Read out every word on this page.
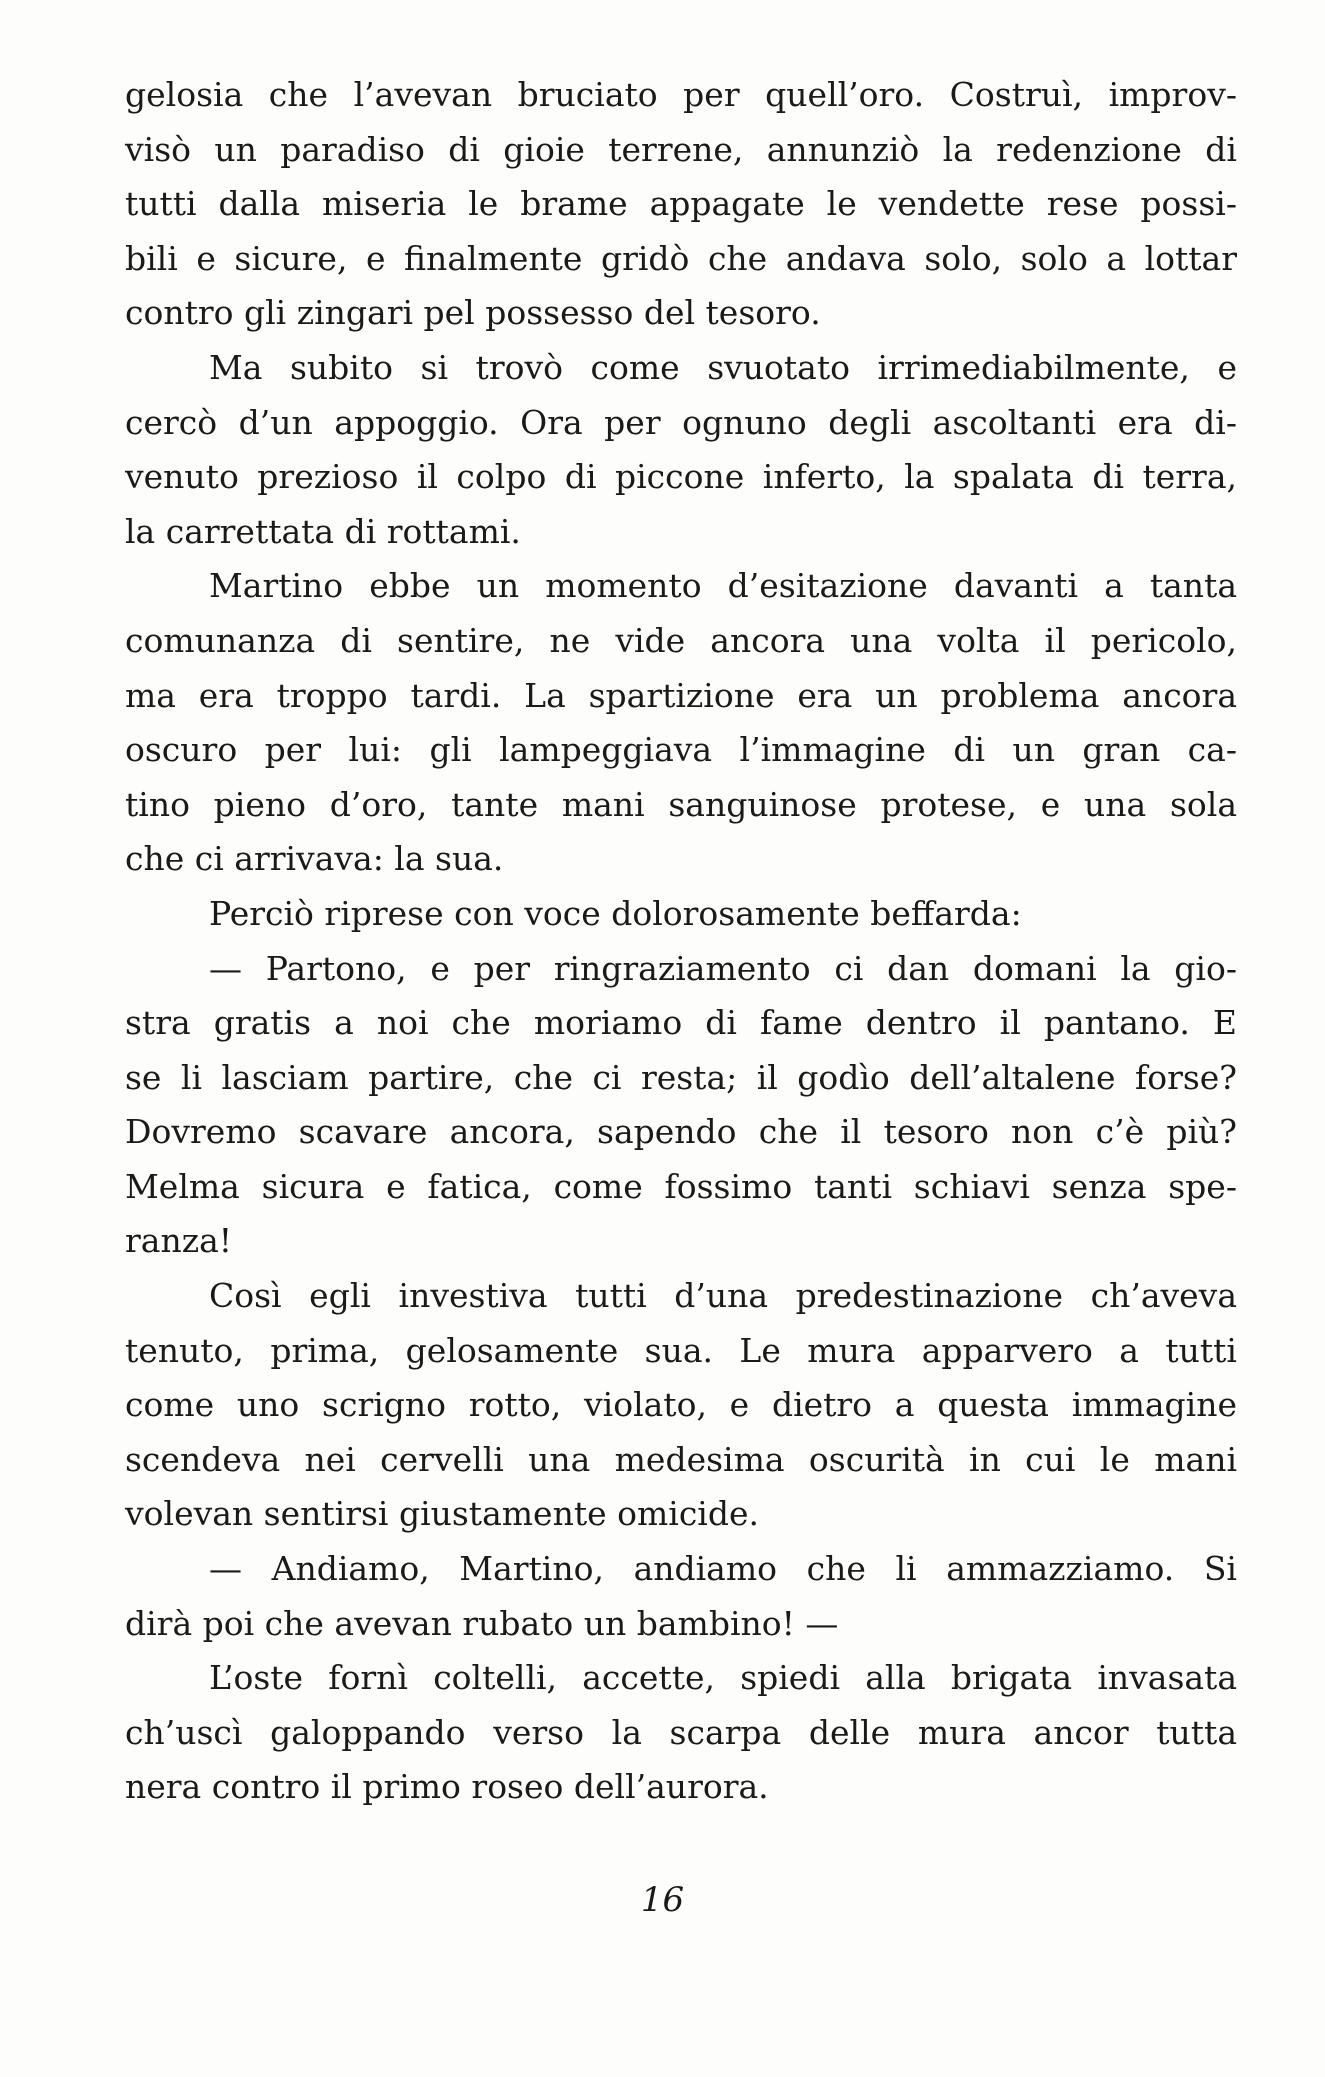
gelosia che l’avevan bruciato per quell’oro. Costruì, improv-
visò un paradiso di gioie terrene, annunziò la redenzione di
tutti dalla miseria le brame appagate le vendette rese possi-
bili e sicure, e finalmente gridò che andava solo, solo a lottar
contro gli zingari pel possesso del tesoro.
Ma subito si trovò come svuotato irrimediabilmente, e
cercò d’un appoggio. Ora per ognuno degli ascoltanti era di-
venuto prezioso il colpo di piccone inferto, la spalata di terra,
la carrettata di rottami.
Martino ebbe un momento d’esitazione davanti a tanta
comunanza di sentire, ne vide ancora una volta il pericolo,
ma era troppo tardi. La spartizione era un problema ancora
oscuro per lui: gli lampeggiava l’immagine di un gran ca-
tino pieno d’oro, tante mani sanguinose protese, e una sola
che ci arrivava: la sua.
Perciò riprese con voce dolorosamente beffarda:
— Partono, e per ringraziamento ci dan domani la gio-
stra gratis a noi che moriamo di fame dentro il pantano. E
se li lasciam partire, che ci resta; il godìo dell’altalene forse?
Dovremo scavare ancora, sapendo che il tesoro non c’è più?
Melma sicura e fatica, come fossimo tanti schiavi senza spe-
ranza!
Così egli investiva tutti d’una predestinazione ch’aveva
tenuto, prima, gelosamente sua. Le mura apparvero a tutti
come uno scrigno rotto, violato, e dietro a questa immagine
scendeva nei cervelli una medesima oscurità in cui le mani
volevan sentirsi giustamente omicide.
— Andiamo, Martino, andiamo che li ammazziamo. Si
dirà poi che avevan rubato un bambino! —
L’oste fornì coltelli, accette, spiedi alla brigata invasata
ch’uscì galoppando verso la scarpa delle mura ancor tutta
nera contro il primo roseo dell’aurora.
16
